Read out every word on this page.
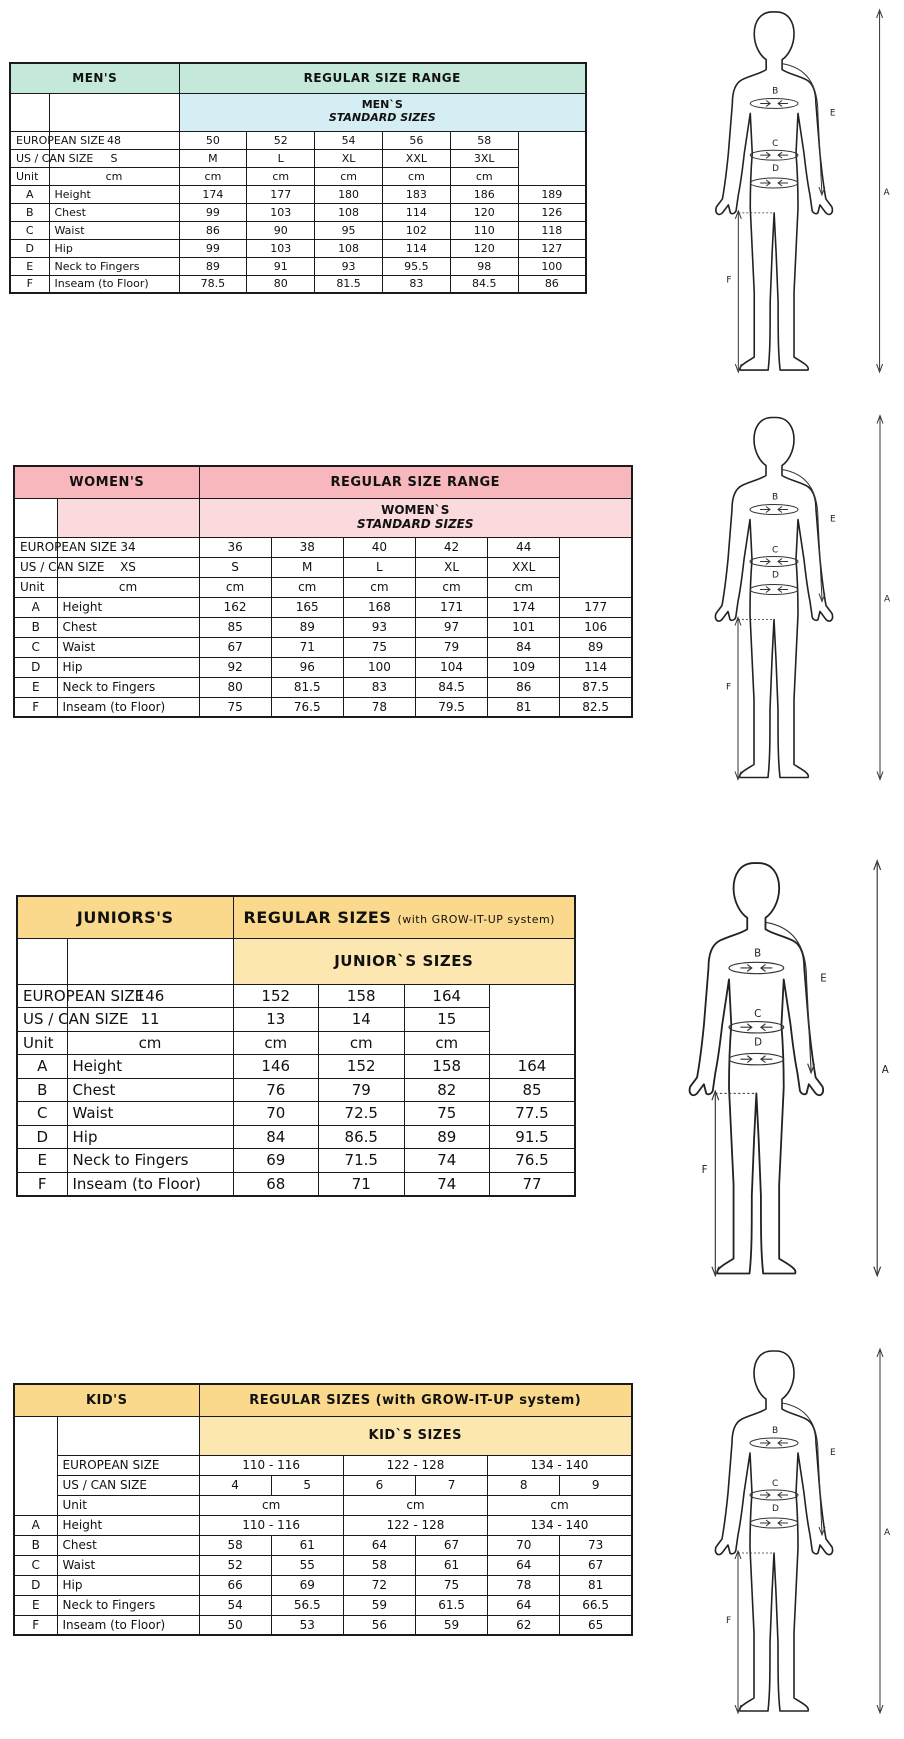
MEN'S		REGULAR SIZE RANGE					
		MEN`S
STANDARD SIZES					

EUROPEAN SIZE	48	50	52	54	56	58	
US / CAN SIZE	S	M	L	XL	XXL	3XL	
Unit	cm	cm	cm	cm	cm	cm	
A	Height	174	177	180	183	186	189
B	Chest	99	103	108	114	120	126
C	Waist	86	90	95	102	110	118
D	Hip	99	103	108	114	120	127
E	Neck to Fingers	89	91	93	95.5	98	100
F	Inseam (to Floor)	78.5	80	81.5	83	84.5	86
WOMEN'S		REGULAR SIZE RANGE					
		WOMEN`S
STANDARD SIZES					

EUROPEAN SIZE	34	36	38	40	42	44	
US / CAN SIZE	XS	S	M	L	XL	XXL	
Unit	cm	cm	cm	cm	cm	cm	
A	Height	162	165	168	171	174	177
B	Chest	85	89	93	97	101	106
C	Waist	67	71	75	79	84	89
D	Hip	92	96	100	104	109	114
E	Neck to Fingers	80	81.5	83	84.5	86	87.5
F	Inseam (to Floor)	75	76.5	78	79.5	81	82.5
JUNIORS'S		REGULAR SIZES (with GROW-IT-UP system)			
		JUNIOR`S SIZES			
EUROPEAN SIZE	146	152	158	164	
US / CAN SIZE	11	13	14	15	
Unit	cm	cm	cm	cm	
A	Height	146	152	158	164
B	Chest	76	79	82	85
C	Waist	70	72.5	75	77.5
D	Hip	84	86.5	89	91.5
E	Neck to Fingers	69	71.5	74	76.5
F	Inseam (to Floor)	68	71	74	77
KID'S		REGULAR SIZES (with GROW-IT-UP system)					
		KID`S SIZES					
	EUROPEAN SIZE	110 - 116		122 - 128		134 - 140	
	US / CAN SIZE	4	5	6	7	8	9
	Unit	cm		cm		cm	
A	Height	110 - 116		122 - 128		134 - 140	
B	Chest	58	61	64	67	70	73
C	Waist	52	55	58	61	64	67
D	Hip	66	69	72	75	78	81
E	Neck to Fingers	54	56.5	59	61.5	64	66.5
F	Inseam (to Floor)	50	53	56	59	62	65
B
C
D
E
A
F
B
C
D
E
A
F
B
C
D
E
A
F
B
C
D
E
A
F
